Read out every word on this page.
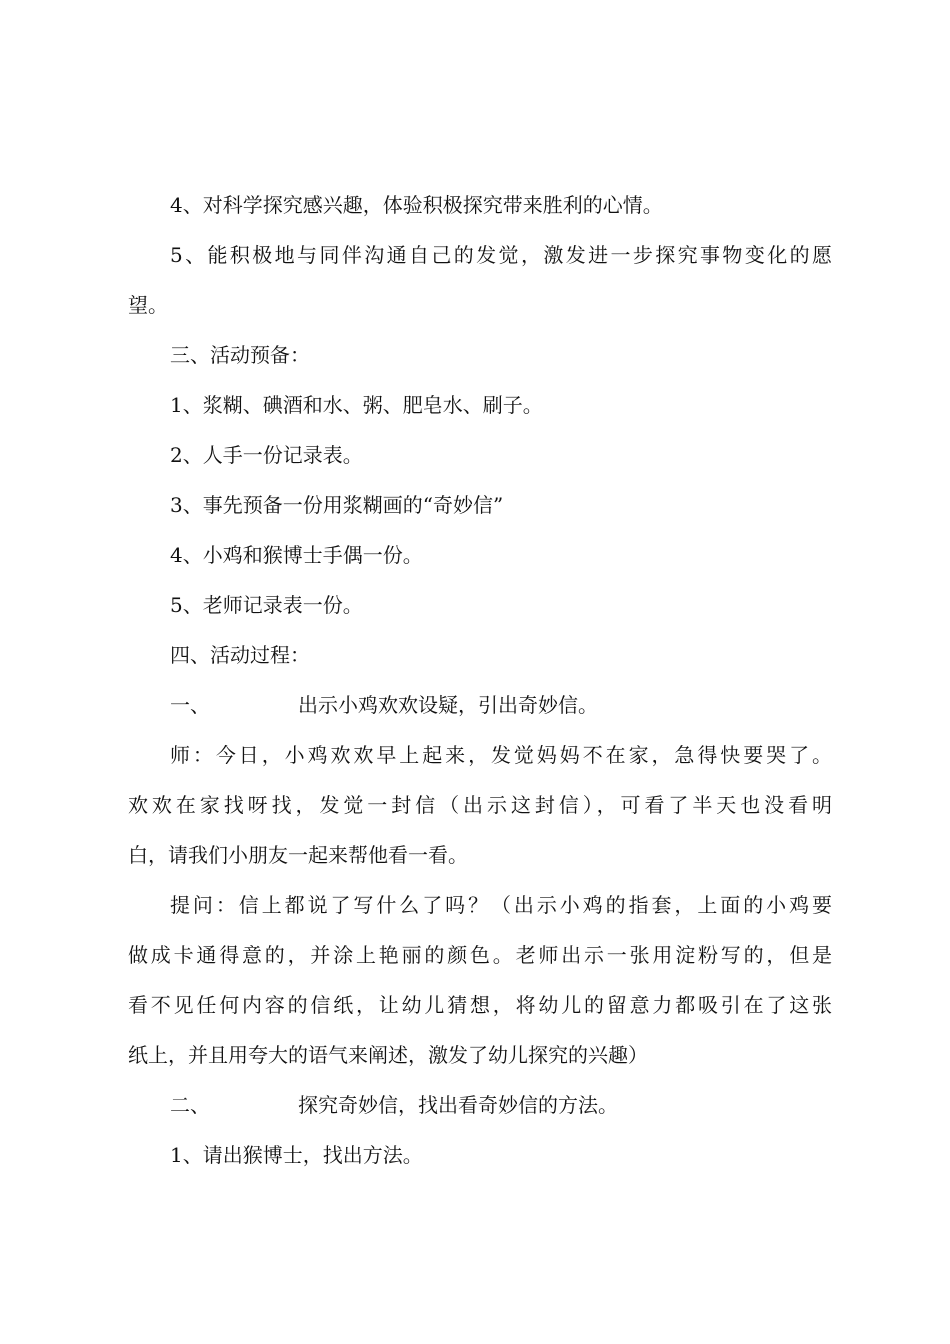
4、对科学探究感兴趣，体验积极探究带来胜利的心情。
5、能积极地与同伴沟通自己的发觉，激发进一步探究事物变化的愿
望。
三、活动预备：
1、浆糊、碘酒和水、粥、肥皂水、刷子。
2、人手一份记录表。
3、事先预备一份用浆糊画的“奇妙信”
4、小鸡和猴博士手偶一份。
5、老师记录表一份。
四、活动过程：
一、	出示小鸡欢欢设疑，引出奇妙信。
师：今日，小鸡欢欢早上起来，发觉妈妈不在家，急得快要哭了。
欢欢在家找呀找，发觉一封信（出示这封信），可看了半天也没看明
白，请我们小朋友一起来帮他看一看。
提问：信上都说了写什么了吗？（出示小鸡的指套，上面的小鸡要
做成卡通得意的，并涂上艳丽的颜色。老师出示一张用淀粉写的，但是
看不见任何内容的信纸，让幼儿猜想，将幼儿的留意力都吸引在了这张
纸上，并且用夸大的语气来阐述，激发了幼儿探究的兴趣）
二、	探究奇妙信，找出看奇妙信的方法。
1、请出猴博士，找出方法。
